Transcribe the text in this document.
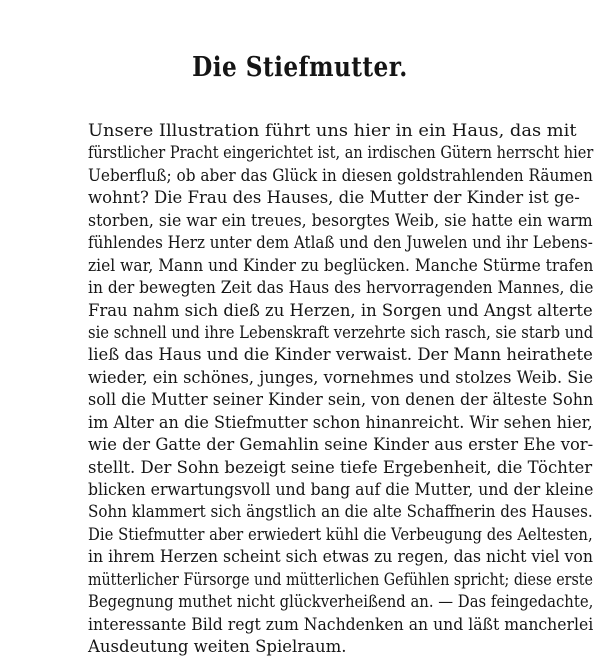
Die Stiefmutter.
Unsere Illustration führt uns hier in ein Haus, das mit
fürstlicher Pracht eingerichtet ist, an irdischen Gütern herrscht hier
Ueberfluß; ob aber das Glück in diesen goldstrahlenden Räumen
wohnt? Die Frau des Hauses, die Mutter der Kinder ist ge-
storben, sie war ein treues, besorgtes Weib, sie hatte ein warm
fühlendes Herz unter dem Atlaß und den Juwelen und ihr Lebens-
ziel war, Mann und Kinder zu beglücken. Manche Stürme trafen
in der bewegten Zeit das Haus des hervorragenden Mannes, die
Frau nahm sich dieß zu Herzen, in Sorgen und Angst alterte
sie schnell und ihre Lebenskraft verzehrte sich rasch, sie starb und
ließ das Haus und die Kinder verwaist. Der Mann heirathete
wieder, ein schönes, junges, vornehmes und stolzes Weib. Sie
soll die Mutter seiner Kinder sein, von denen der älteste Sohn
im Alter an die Stiefmutter schon hinanreicht. Wir sehen hier,
wie der Gatte der Gemahlin seine Kinder aus erster Ehe vor-
stellt. Der Sohn bezeigt seine tiefe Ergebenheit, die Töchter
blicken erwartungsvoll und bang auf die Mutter, und der kleine
Sohn klammert sich ängstlich an die alte Schaffnerin des Hauses.
Die Stiefmutter aber erwiedert kühl die Verbeugung des Aeltesten,
in ihrem Herzen scheint sich etwas zu regen, das nicht viel von
mütterlicher Fürsorge und mütterlichen Gefühlen spricht; diese erste
Begegnung muthet nicht glückverheißend an. — Das feingedachte,
interessante Bild regt zum Nachdenken an und läßt mancherlei
Ausdeutung weiten Spielraum.
